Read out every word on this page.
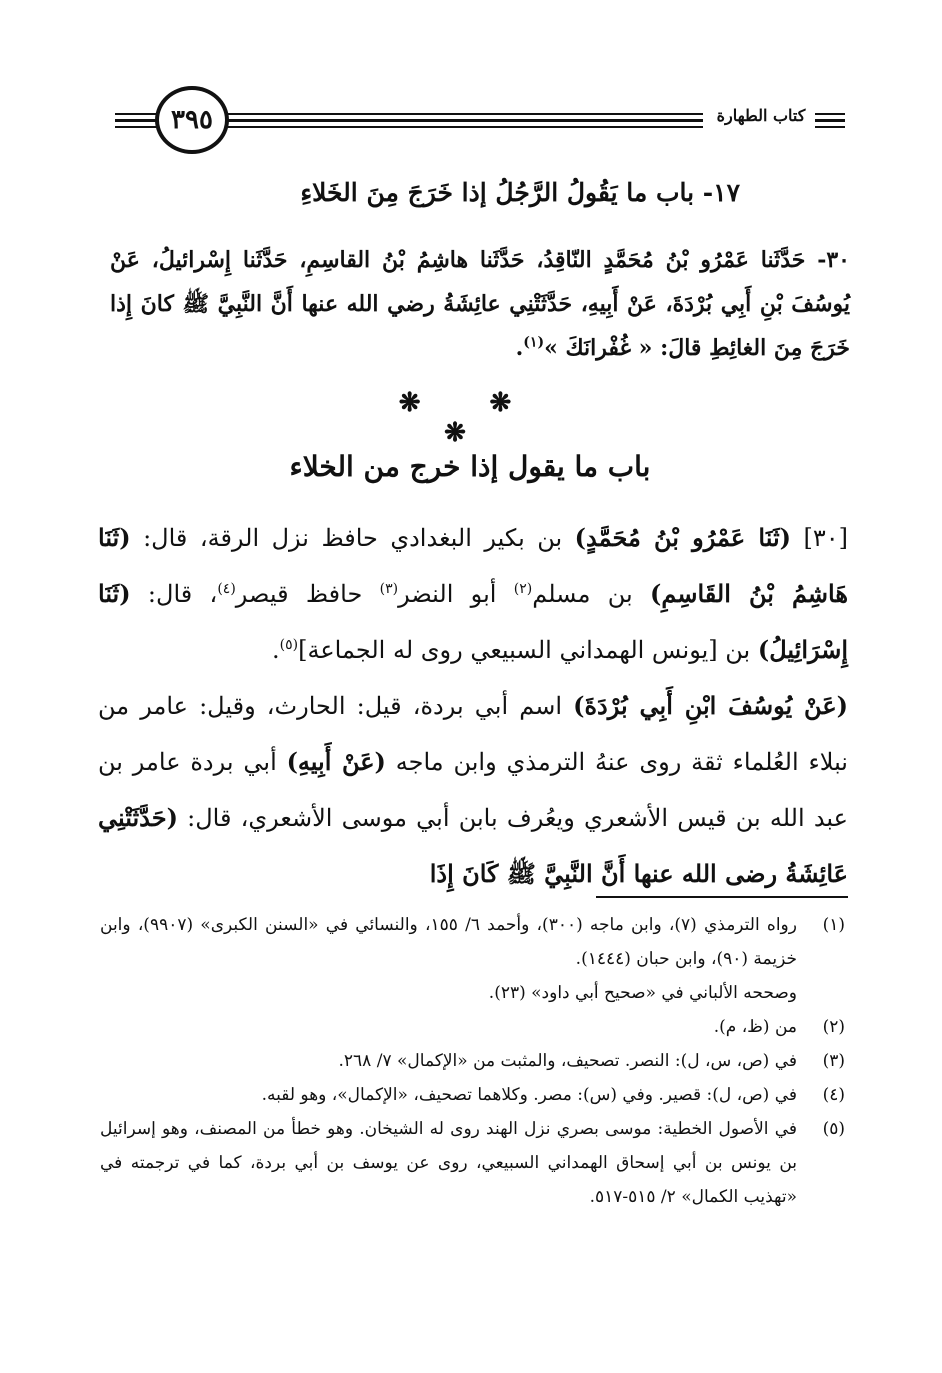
٣٩٥	كتاب الطهارة
١٧- باب ما يَقُولُ الرَّجُلُ إذا خَرَجَ مِنَ الخَلاءِ

٣٠- حَدَّثَنا عَمْرُو بْنُ مُحَمَّدٍ النّاقِدُ، حَدَّثَنا هاشِمُ بْنُ القاسِمِ، حَدَّثَنا إِسْرائيلُ، عَنْ يُوسُفَ بْنِ أَبِي بُرْدَةَ، عَنْ أَبِيهِ، حَدَّثَتْنِي عائِشَةُ رضي الله عنها أَنَّ النَّبِيَّ ﷺ كانَ إِذا خَرَجَ مِنَ الغائِطِ قالَ: « غُفْرانَكَ »$^{(١)}$.

❋ ❋ ❋
باب ما يقول إذا خرج من الخلاء

[٣٠] (ثَنَا عَمْرُو بْنُ مُحَمَّدٍ) بن بكير البغدادي حافظ نزل الرقة، قال: (ثَنَا هَاشِمُ بْنُ القَاسِمِ) بن مسلم$^{(٢)}$ أبو النضر$^{(٣)}$ حافظ قيصر$^{(٤)}$، قال: (ثَنَا إِسْرَائِيلُ) بن [يونس الهمداني السبيعي روى له الجماعة]$^{(٥)}$.

(عَنْ يُوسُفَ ابْنِ أَبِي بُرْدَةَ) اسم أبي بردة، قيل: الحارث، وقيل: عامر من نبلاء العُلماء ثقة روى عنهُ الترمذي وابن ماجه (عَنْ أَبِيهِ) أبي بردة عامر بن عبد الله بن قيس الأشعري ويعُرف بابن أبي موسى الأشعري، قال: (حَدَّثَتْنِي عَائِشَةُ رضى الله عنها أَنَّ النَّبِيَّ ﷺ كَانَ إِذَا

(١)
رواه الترمذي (٧)، وابن ماجه (٣٠٠)، وأحمد ٦/ ١٥٥، والنسائي في «السنن الكبرى» (٩٩٠٧)، وابن خزيمة (٩٠)، وابن حبان (١٤٤٤).
وصححه الألباني في «صحيح أبي داود» (٢٣).
(٢)
من (ظ، م).
(٣)
في (ص، س، ل): النصر. تصحيف، والمثبت من «الإكمال» ٧/ ٢٦٨.
(٤)
في (ص، ل): قصير. وفي (س): مصر. وكلاهما تصحيف، «الإكمال»، وهو لقبه.
(٥)
في الأصول الخطية: موسى بصري نزل الهند روى له الشيخان. وهو خطأ من المصنف، وهو إسرائيل بن يونس بن أبي إسحاق الهمداني السبيعي، روى عن يوسف بن أبي بردة، كما في ترجمته في «تهذيب الكمال» ٢/ ٥١٥-٥١٧.
